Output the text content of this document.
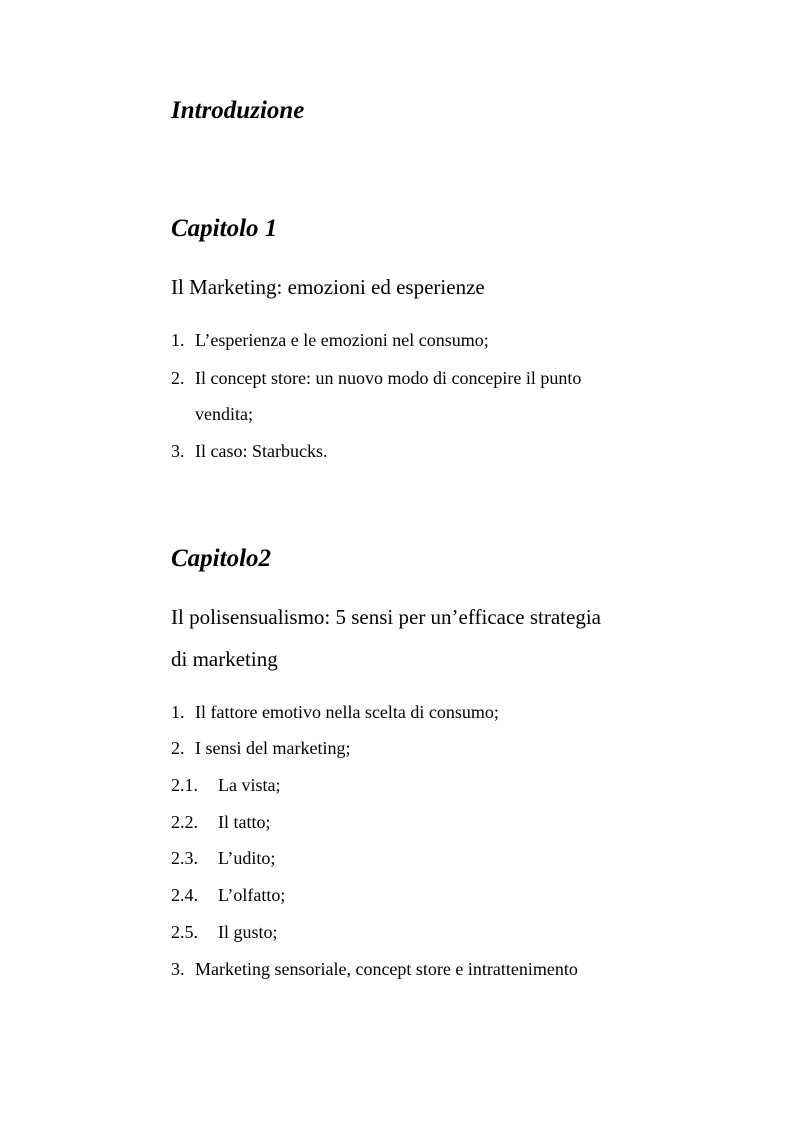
Introduzione
Capitolo 1

Il Marketing: emozioni ed esperienze

1. L’esperienza e le emozioni nel consumo;
2. Il concept store: un nuovo modo di concepire il punto
vendita;
3. Il caso: Starbucks.
Capitolo2

Il polisensualismo: 5 sensi per un’efficace strategia
di marketing

1. Il fattore emotivo nella scelta di consumo;
2. I sensi del marketing;
2.1. La vista;
2.2. Il tatto;
2.3. L’udito;
2.4. L’olfatto;
2.5. Il gusto;
3. Marketing sensoriale, concept store e intrattenimento
